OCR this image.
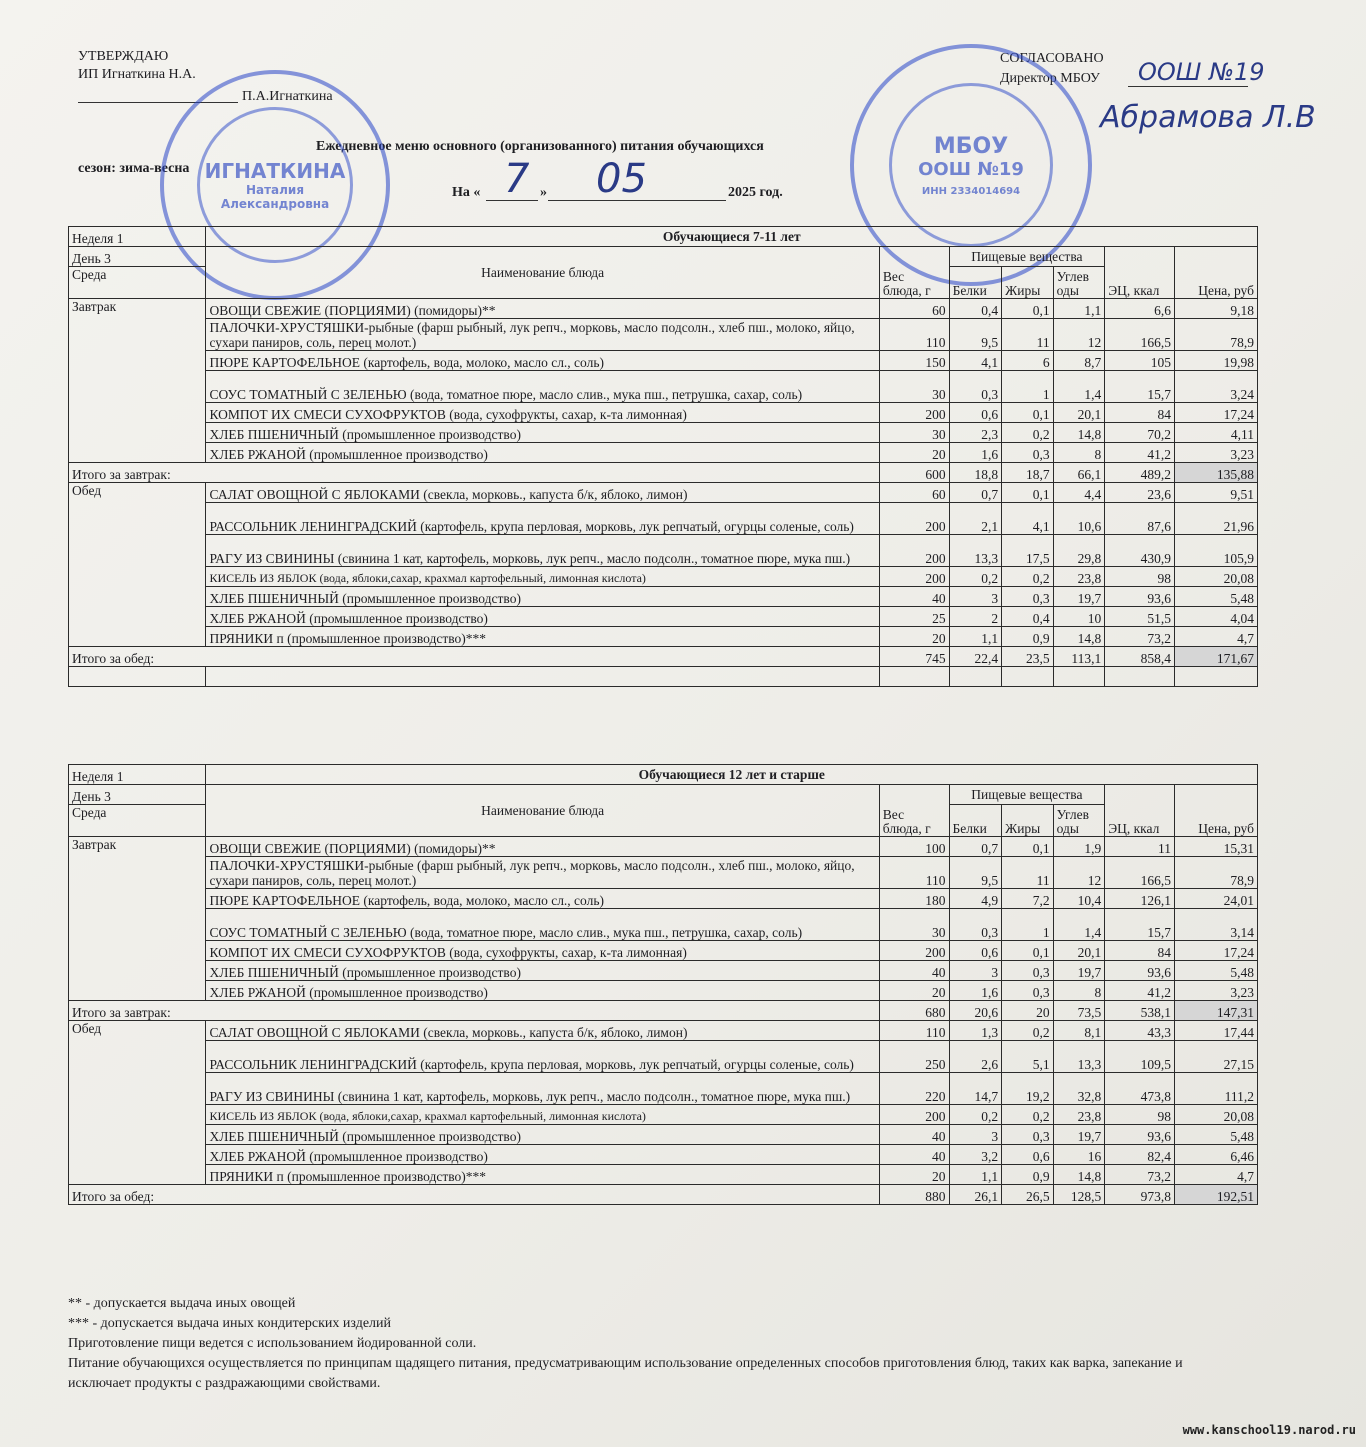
УТВЕРЖДАЮ
ИП Игнаткина Н.А.
П.А.Игнаткина
СОГЛАСОВАНО
Директор МБОУ ООШ №19
Абрамова Л.В
Ежедневное меню основного (организованного) питания обучающихся
сезон: зима-весна
На « 7 » 05	2025 год.
ИГНАТКИНА
Наталия Александровна
МБОУ
ООШ №19
ИНН 2334014694
Неделя 1	Обучающиеся 7-11 лет						
День 3	Наименование блюда	Вес блюда, г	Пищевые вещества			ЭЦ, ккал	Цена, руб
Среда			Белки	Жиры	Углев оды		
Завтрак	ОВОЩИ СВЕЖИЕ (ПОРЦИЯМИ) (помидоры)**	60	0,4	0,1	1,1	6,6	9,18
	ПАЛОЧКИ-ХРУСТЯШКИ-рыбные (фарш рыбный, лук репч., морковь, масло подсолн., хлеб пш., молоко, яйцо, сухари паниров, соль, перец молот.)	110	9,5	11	12	166,5	78,9
	ПЮРЕ КАРТОФЕЛЬНОЕ (картофель, вода, молоко, масло сл., соль)	150	4,1	6	8,7	105	19,98
	СОУС ТОМАТНЫЙ С ЗЕЛЕНЬЮ (вода, томатное пюре, масло слив., мука пш., петрушка, сахар, соль)	30	0,3	1	1,4	15,7	3,24
	КОМПОТ ИХ СМЕСИ СУХОФРУКТОВ (вода, сухофрукты, сахар, к-та лимонная)	200	0,6	0,1	20,1	84	17,24
	ХЛЕБ ПШЕНИЧНЫЙ (промышленное производство)	30	2,3	0,2	14,8	70,2	4,11
	ХЛЕБ РЖАНОЙ (промышленное производство)	20	1,6	0,3	8	41,2	3,23
Итого за завтрак:		600	18,8	18,7	66,1	489,2	135,88
Обед	САЛАТ ОВОЩНОЙ С ЯБЛОКАМИ (свекла, морковь., капуста б/к, яблоко, лимон)	60	0,7	0,1	4,4	23,6	9,51
	РАССОЛЬНИК ЛЕНИНГРАДСКИЙ (картофель, крупа перловая, морковь, лук репчатый, огурцы соленые, соль)	200	2,1	4,1	10,6	87,6	21,96
	РАГУ ИЗ СВИНИНЫ (свинина 1 кат, картофель, морковь, лук репч., масло подсолн., томатное пюре, мука пш.)	200	13,3	17,5	29,8	430,9	105,9
	КИСЕЛЬ ИЗ ЯБЛОК (вода, яблоки,сахар, крахмал картофельный, лимонная кислота)	200	0,2	0,2	23,8	98	20,08
	ХЛЕБ ПШЕНИЧНЫЙ (промышленное производство)	40	3	0,3	19,7	93,6	5,48
	ХЛЕБ РЖАНОЙ (промышленное производство)	25	2	0,4	10	51,5	4,04
	ПРЯНИКИ п (промышленное производство)***	20	1,1	0,9	14,8	73,2	4,7
Итого за обед:		745	22,4	23,5	113,1	858,4	171,67

Неделя 1	Обучающиеся 12 лет и старше						
День 3	Наименование блюда	Вес блюда, г	Пищевые вещества			ЭЦ, ккал	Цена, руб
Среда			Белки	Жиры	Углев оды		
Завтрак	ОВОЩИ СВЕЖИЕ (ПОРЦИЯМИ) (помидоры)**	100	0,7	0,1	1,9	11	15,31
	ПАЛОЧКИ-ХРУСТЯШКИ-рыбные (фарш рыбный, лук репч., морковь, масло подсолн., хлеб пш., молоко, яйцо, сухари паниров, соль, перец молот.)	110	9,5	11	12	166,5	78,9
	ПЮРЕ КАРТОФЕЛЬНОЕ (картофель, вода, молоко, масло сл., соль)	180	4,9	7,2	10,4	126,1	24,01
	СОУС ТОМАТНЫЙ С ЗЕЛЕНЬЮ (вода, томатное пюре, масло слив., мука пш., петрушка, сахар, соль)	30	0,3	1	1,4	15,7	3,14
	КОМПОТ ИХ СМЕСИ СУХОФРУКТОВ (вода, сухофрукты, сахар, к-та лимонная)	200	0,6	0,1	20,1	84	17,24
	ХЛЕБ ПШЕНИЧНЫЙ (промышленное производство)	40	3	0,3	19,7	93,6	5,48
	ХЛЕБ РЖАНОЙ (промышленное производство)	20	1,6	0,3	8	41,2	3,23
Итого за завтрак:		680	20,6	20	73,5	538,1	147,31
Обед	САЛАТ ОВОЩНОЙ С ЯБЛОКАМИ (свекла, морковь., капуста б/к, яблоко, лимон)	110	1,3	0,2	8,1	43,3	17,44
	РАССОЛЬНИК ЛЕНИНГРАДСКИЙ (картофель, крупа перловая, морковь, лук репчатый, огурцы соленые, соль)	250	2,6	5,1	13,3	109,5	27,15
	РАГУ ИЗ СВИНИНЫ (свинина 1 кат, картофель, морковь, лук репч., масло подсолн., томатное пюре, мука пш.)	220	14,7	19,2	32,8	473,8	111,2
	КИСЕЛЬ ИЗ ЯБЛОК (вода, яблоки,сахар, крахмал картофельный, лимонная кислота)	200	0,2	0,2	23,8	98	20,08
	ХЛЕБ ПШЕНИЧНЫЙ (промышленное производство)	40	3	0,3	19,7	93,6	5,48
	ХЛЕБ РЖАНОЙ (промышленное производство)	40	3,2	0,6	16	82,4	6,46
	ПРЯНИКИ п (промышленное производство)***	20	1,1	0,9	14,8	73,2	4,7
Итого за обед:		880	26,1	26,5	128,5	973,8	192,51
** - допускается выдача иных овощей
*** - допускается выдача иных кондитерских изделий
Приготовление пищи ведется с использованием йодированной соли.
Питание обучающихся осуществляется по принципам щадящего питания, предусматривающим использование определенных способов приготовления блюд, таких как варка, запекание и исключает продукты с раздражающими свойствами.
www.kanschool19.narod.ru
